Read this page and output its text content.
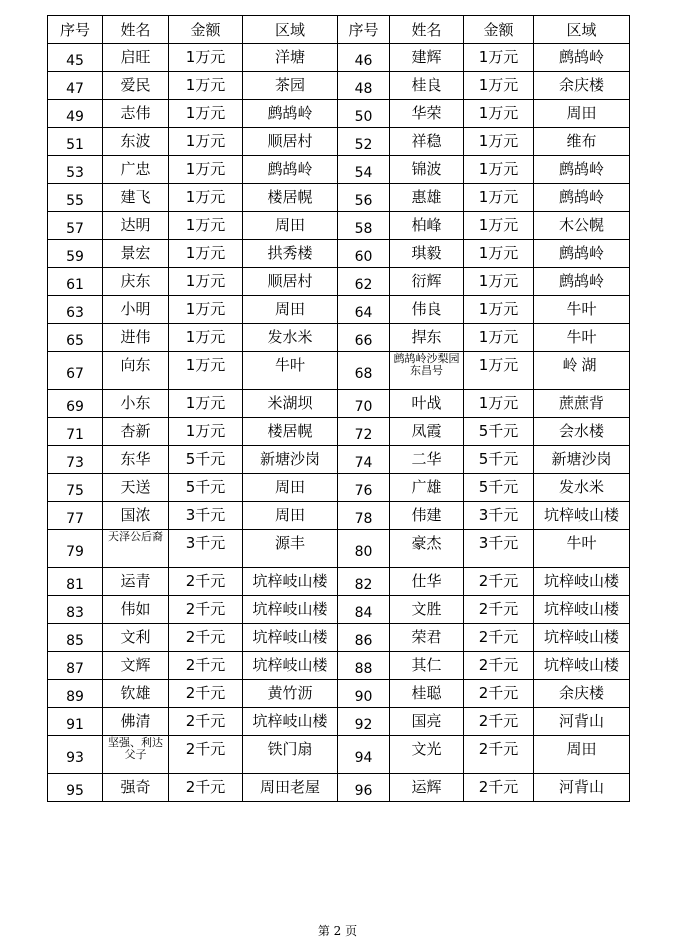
序号	姓名	金额	区域	序号	姓名	金额	区域
45	启旺	1万元	洋塘	46	建辉	1万元	鹧鸪岭
47	爱民	1万元	茶园	48	桂良	1万元	余庆楼
49	志伟	1万元	鹧鸪岭	50	华荣	1万元	周田
51	东波	1万元	顺居村	52	祥稳	1万元	维布
53	广忠	1万元	鹧鸪岭	54	锦波	1万元	鹧鸪岭
55	建飞	1万元	楼居幌	56	惠雄	1万元	鹧鸪岭
57	达明	1万元	周田	58	柏峰	1万元	木公幌
59	景宏	1万元	拱秀楼	60	琪毅	1万元	鹧鸪岭
61	庆东	1万元	顺居村	62	衍辉	1万元	鹧鸪岭
63	小明	1万元	周田	64	伟良	1万元	牛叶
65	进伟	1万元	发水米	66	捍东	1万元	牛叶
67	向东	1万元	牛叶	68	鹧鸪岭沙梨园东昌号	1万元	岭湖
69	小东	1万元	米湖坝	70	叶战	1万元	蔗蔗背
71	杏新	1万元	楼居幌	72	凤霞	5千元	会水楼
73	东华	5千元	新塘沙岗	74	二华	5千元	新塘沙岗
75	天送	5千元	周田	76	广雄	5千元	发水米
77	国浓	3千元	周田	78	伟建	3千元	坑梓岐山楼
79	天泽公后裔	3千元	源丰	80	豪杰	3千元	牛叶
81	运青	2千元	坑梓岐山楼	82	仕华	2千元	坑梓岐山楼
83	伟如	2千元	坑梓岐山楼	84	文胜	2千元	坑梓岐山楼
85	文利	2千元	坑梓岐山楼	86	荣君	2千元	坑梓岐山楼
87	文辉	2千元	坑梓岐山楼	88	其仁	2千元	坑梓岐山楼
89	钦雄	2千元	黄竹沥	90	桂聪	2千元	余庆楼
91	佛清	2千元	坑梓岐山楼	92	国亮	2千元	河背山
93	坚强、利达父子	2千元	铁门扇	94	文光	2千元	周田
95	强奇	2千元	周田老屋	96	运辉	2千元	河背山
第 2 页
